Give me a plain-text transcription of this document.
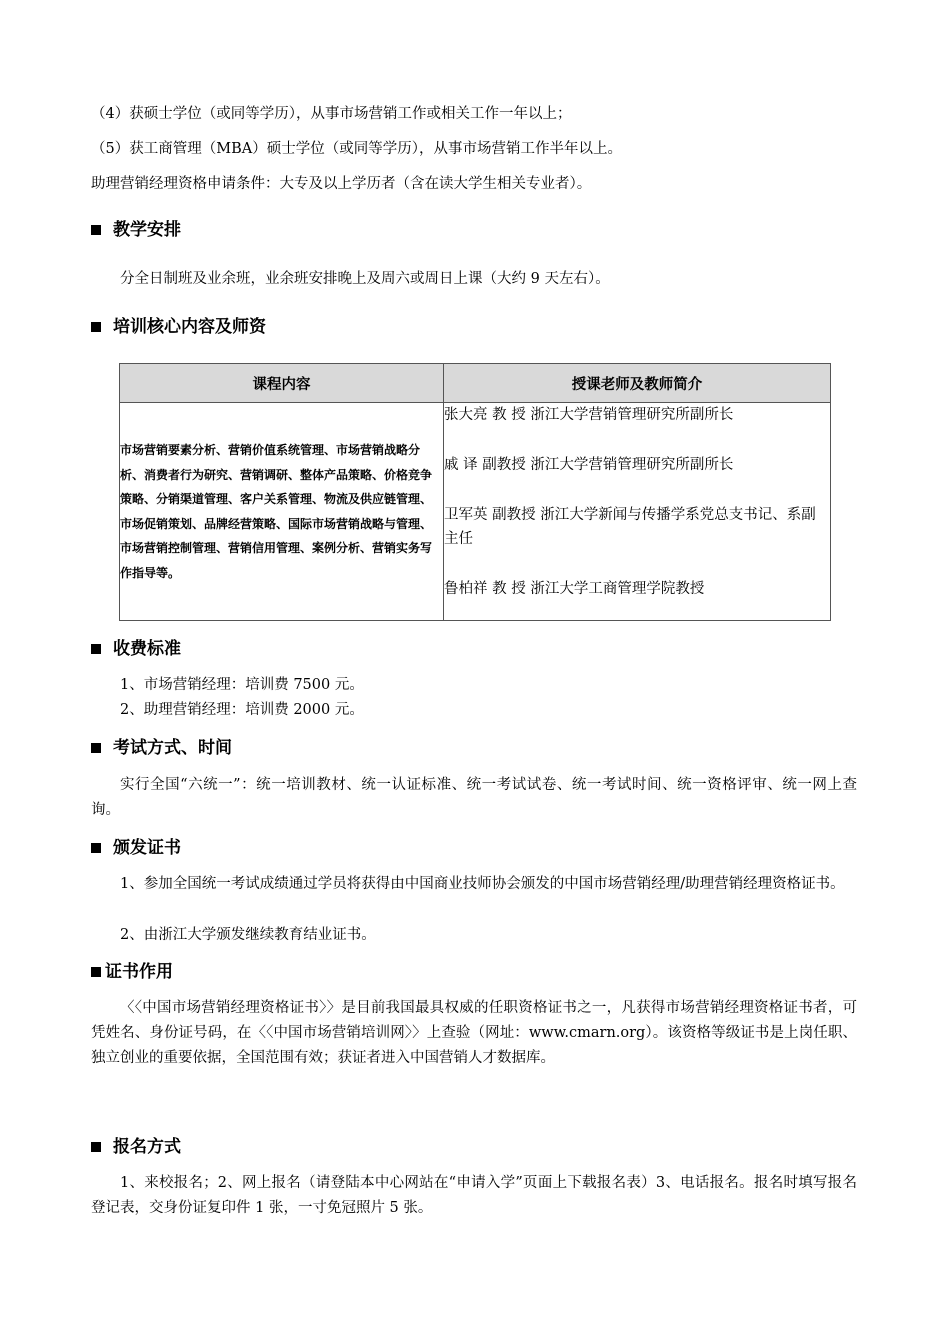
（4）获硕士学位（或同等学历），从事市场营销工作或相关工作一年以上；
（5）获工商管理（MBA）硕士学位（或同等学历），从事市场营销工作半年以上。
助理营销经理资格申请条件：大专及以上学历者（含在读大学生相关专业者）。
教学安排
分全日制班及业余班，业余班安排晚上及周六或周日上课（大约 9 天左右）。
培训核心内容及师资
课程内容	授课老师及教师简介
市场营销要素分析、营销价值系统管理、市场营销战略分析、消费者行为研究、营销调研、整体产品策略、价格竞争策略、分销渠道管理、客户关系管理、物流及供应链管理、市场促销策划、品牌经营策略、国际市场营销战略与管理、市场营销控制管理、营销信用管理、案例分析、营销实务写作指导等。	张大亮 教 授 浙江大学营销管理研究所副所长
戚 译 副教授 浙江大学营销管理研究所副所长
卫军英 副教授 浙江大学新闻与传播学系党总支书记、系副主任
鲁柏祥 教 授 浙江大学工商管理学院教授
收费标准
1、市场营销经理：培训费 7500 元。
2、助理营销经理：培训费 2000 元。
考试方式、时间
实行全国“六统一”：统一培训教材、统一认证标准、统一考试试卷、统一考试时间、统一资格评审、统一网上查询。
颁发证书
1、参加全国统一考试成绩通过学员将获得由中国商业技师协会颁发的中国市场营销经理/助理营销经理资格证书。
2、由浙江大学颁发继续教育结业证书。
证书作用
〈〈中国市场营销经理资格证书〉〉是目前我国最具权威的任职资格证书之一，凡获得市场营销经理资格证书者，可凭姓名、身份证号码，在〈〈中国市场营销培训网〉〉上查验（网址：www.cmarn.org）。该资格等级证书是上岗任职、独立创业的重要依据，全国范围有效；获证者进入中国营销人才数据库。
报名方式
1、来校报名；2、网上报名（请登陆本中心网站在“申请入学”页面上下载报名表）3、电话报名。报名时填写报名登记表，交身份证复印件 1 张，一寸免冠照片 5 张。
